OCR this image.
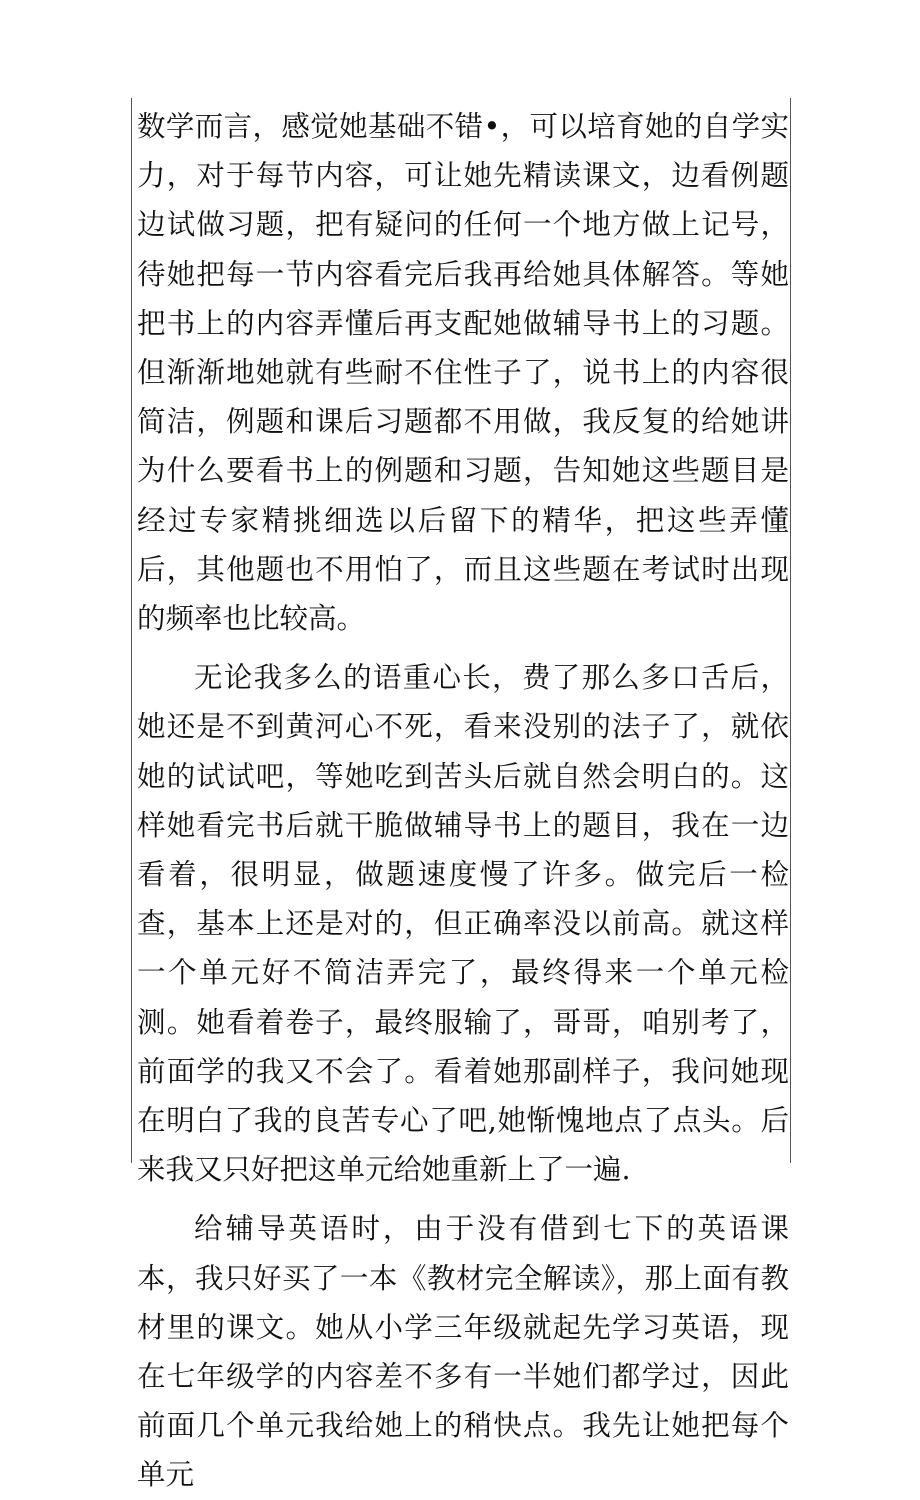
数学而言，感觉她基础不错•，可以培育她的自学实力，对于每节内容，可让她先精读课文，边看例题边试做习题，把有疑问的任何一个地方做上记号，待她把每一节内容看完后我再给她具体解答。等她把书上的内容弄懂后再支配她做辅导书上的习题。但渐渐地她就有些耐不住性子了，说书上的内容很简洁，例题和课后习题都不用做，我反复的给她讲为什么要看书上的例题和习题，告知她这些题目是经过专家精挑细选以后留下的精华，把这些弄懂后，其他题也不用怕了，而且这些题在考试时出现的频率也比较高。

无论我多么的语重心长，费了那么多口舌后，她还是不到黄河心不死，看来没别的法子了，就依她的试试吧，等她吃到苦头后就自然会明白的。这样她看完书后就干脆做辅导书上的题目，我在一边看着，很明显，做题速度慢了许多。做完后一检查，基本上还是对的，但正确率没以前高。就这样一个单元好不简洁弄完了，最终得来一个单元检测。她看着卷子，最终服输了，哥哥，咱别考了，前面学的我又不会了。看着她那副样子，我问她现在明白了我的良苦专心了吧,她惭愧地点了点头。后来我又只好把这单元给她重新上了一遍.

给辅导英语时，由于没有借到七下的英语课本，我只好买了一本《教材完全解读》，那上面有教材里的课文。她从小学三年级就起先学习英语，现在七年级学的内容差不多有一半她们都学过，因此前面几个单元我给她上的稍快点。我先让她把每个单元
